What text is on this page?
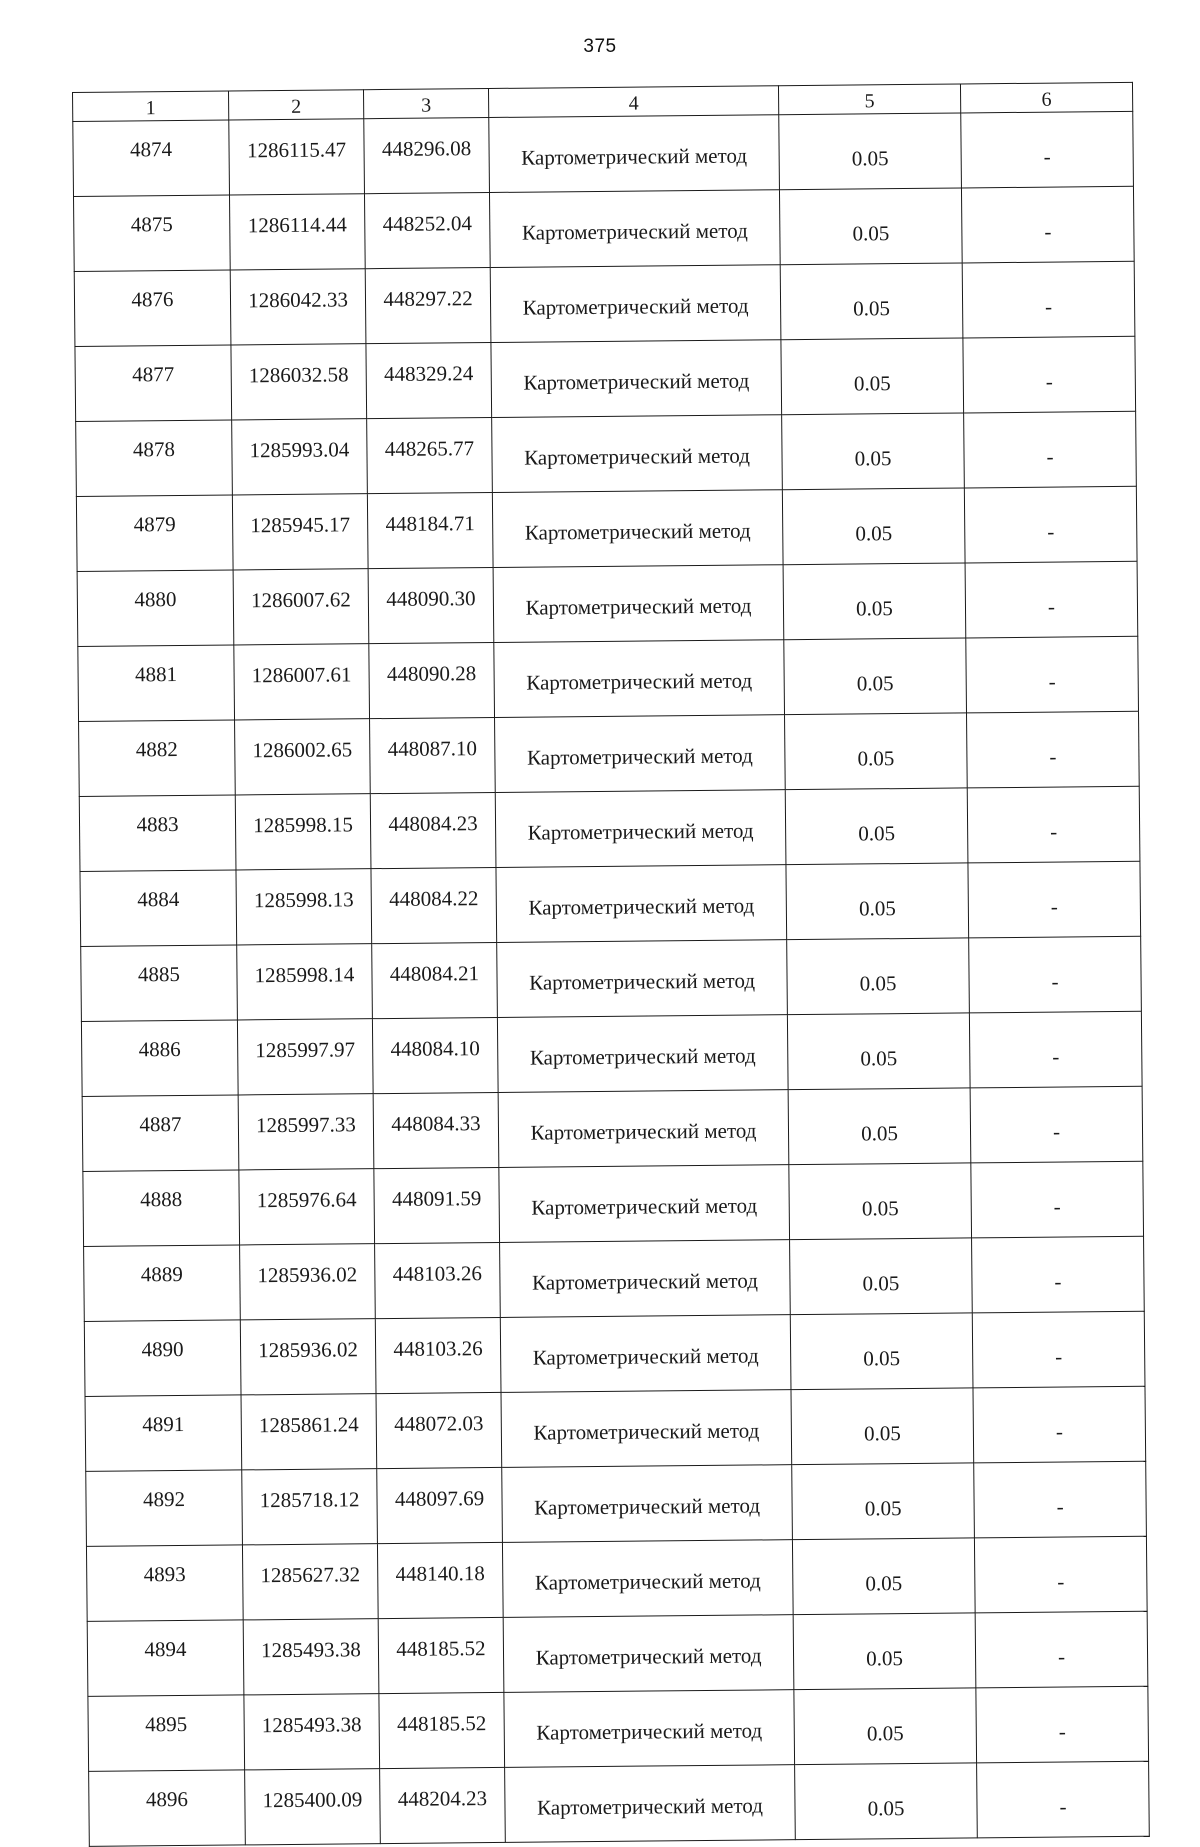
375
1	2	3	4	5	6
4874	1286115.47	448296.08	Картометрический метод	0.05	-
4875	1286114.44	448252.04	Картометрический метод	0.05	-
4876	1286042.33	448297.22	Картометрический метод	0.05	-
4877	1286032.58	448329.24	Картометрический метод	0.05	-
4878	1285993.04	448265.77	Картометрический метод	0.05	-
4879	1285945.17	448184.71	Картометрический метод	0.05	-
4880	1286007.62	448090.30	Картометрический метод	0.05	-
4881	1286007.61	448090.28	Картометрический метод	0.05	-
4882	1286002.65	448087.10	Картометрический метод	0.05	-
4883	1285998.15	448084.23	Картометрический метод	0.05	-
4884	1285998.13	448084.22	Картометрический метод	0.05	-
4885	1285998.14	448084.21	Картометрический метод	0.05	-
4886	1285997.97	448084.10	Картометрический метод	0.05	-
4887	1285997.33	448084.33	Картометрический метод	0.05	-
4888	1285976.64	448091.59	Картометрический метод	0.05	-
4889	1285936.02	448103.26	Картометрический метод	0.05	-
4890	1285936.02	448103.26	Картометрический метод	0.05	-
4891	1285861.24	448072.03	Картометрический метод	0.05	-
4892	1285718.12	448097.69	Картометрический метод	0.05	-
4893	1285627.32	448140.18	Картометрический метод	0.05	-
4894	1285493.38	448185.52	Картометрический метод	0.05	-
4895	1285493.38	448185.52	Картометрический метод	0.05	-
4896	1285400.09	448204.23	Картометрический метод	0.05	-
